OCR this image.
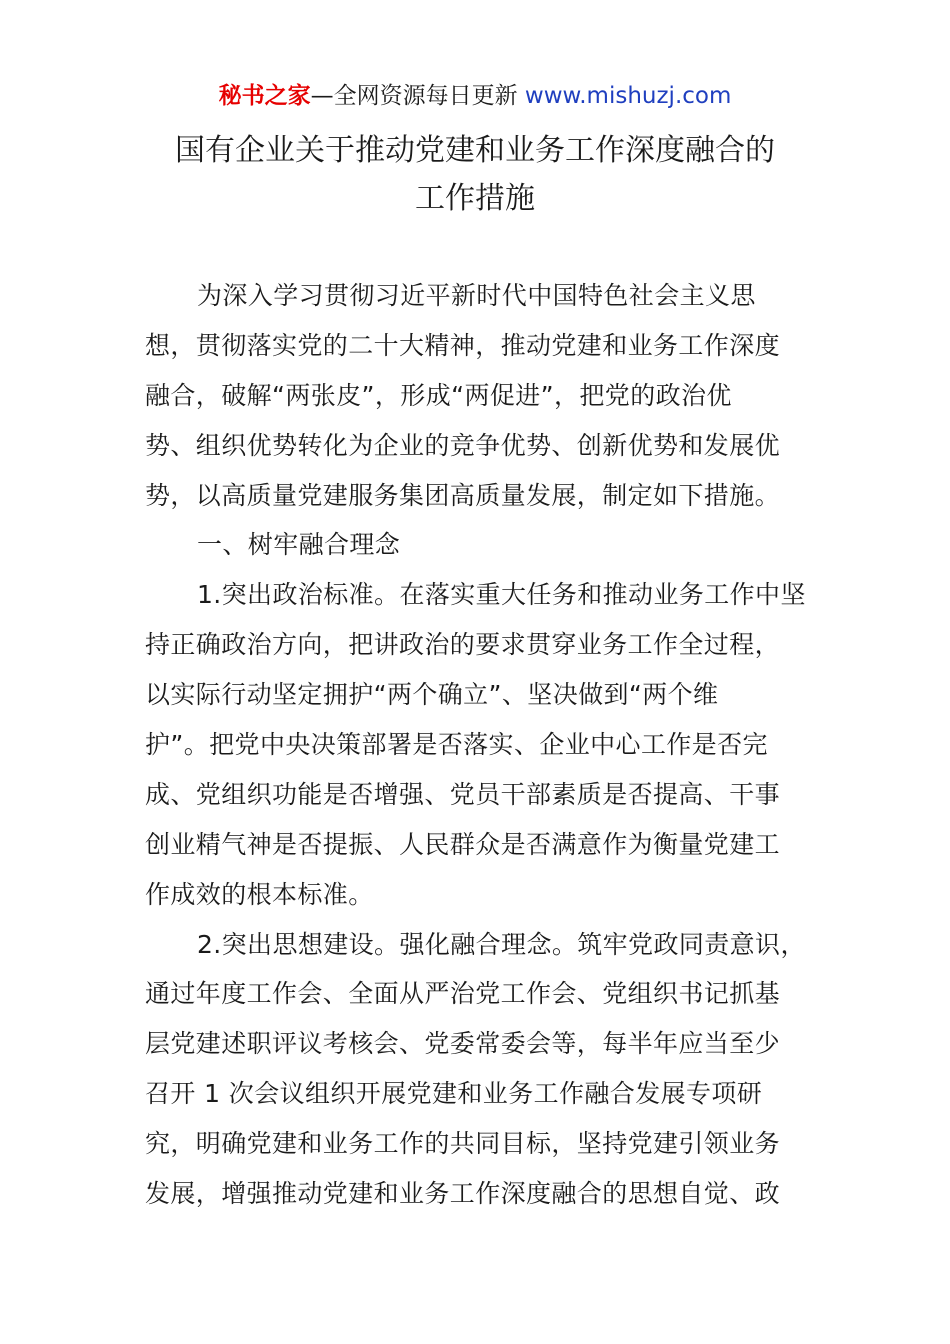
秘书之家—全网资源每日更新 www.mishuzj.com
国有企业关于推动党建和业务工作深度融合的
工作措施
为深入学习贯彻习近平新时代中国特色社会主义思
想，贯彻落实党的二十大精神，推动党建和业务工作深度
融合，破解“两张皮”，形成“两促进”，把党的政治优
势、组织优势转化为企业的竞争优势、创新优势和发展优
势，以高质量党建服务集团高质量发展，制定如下措施。
一、树牢融合理念
1.突出政治标准。在落实重大任务和推动业务工作中坚
持正确政治方向，把讲政治的要求贯穿业务工作全过程，
以实际行动坚定拥护“两个确立”、坚决做到“两个维
护”。把党中央决策部署是否落实、企业中心工作是否完
成、党组织功能是否增强、党员干部素质是否提高、干事
创业精气神是否提振、人民群众是否满意作为衡量党建工
作成效的根本标准。
2.突出思想建设。强化融合理念。筑牢党政同责意识，
通过年度工作会、全面从严治党工作会、党组织书记抓基
层党建述职评议考核会、党委常委会等，每半年应当至少
召开 1 次会议组织开展党建和业务工作融合发展专项研
究，明确党建和业务工作的共同目标，坚持党建引领业务
发展，增强推动党建和业务工作深度融合的思想自觉、政
